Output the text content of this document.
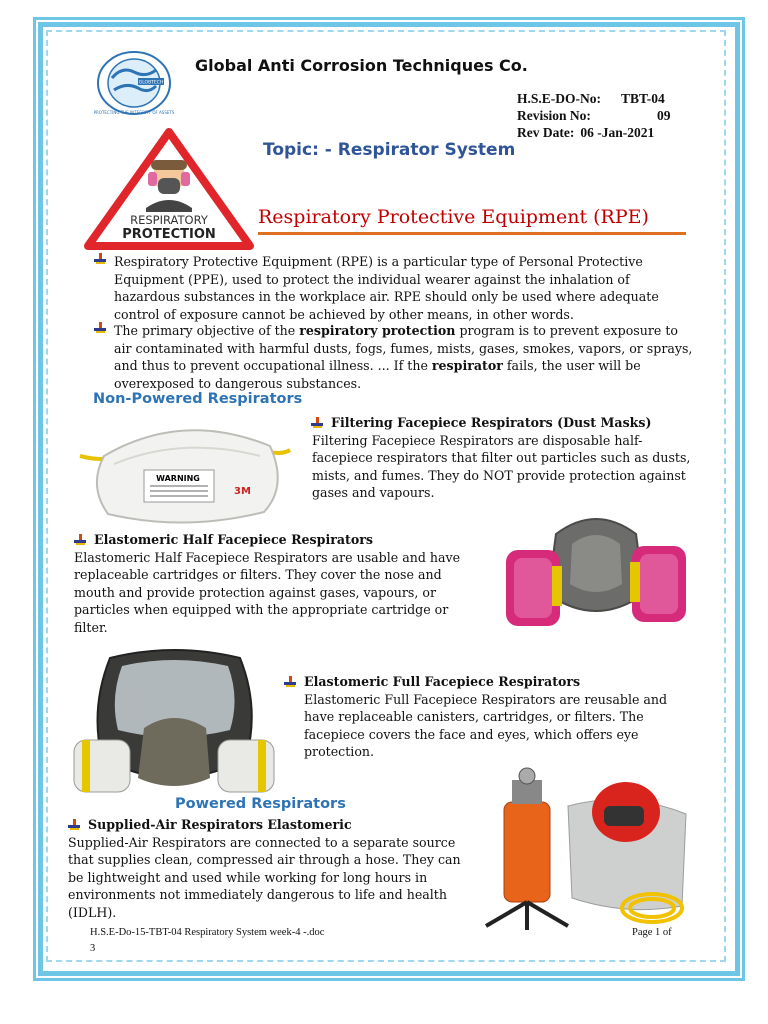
GLOBTECH
PROTECTING THE INTEGRITY OF ASSETS
Global Anti Corrosion Techniques Co.
H.S.E-DO-No:	TBT-04
Revision No:	09
Rev Date: 06 -Jan-2021
Topic: - Respirator System
RESPIRATORY
PROTECTION
Respiratory Protective Equipment (RPE)
Respiratory Protective Equipment (RPE) is a particular type of Personal Protective Equipment (PPE), used to protect the individual wearer against the inhalation of hazardous substances in the workplace air. RPE should only be used where adequate control of exposure cannot be achieved by other means, in other words.
The primary objective of the respiratory protection program is to prevent exposure to air contaminated with harmful dusts, fogs, fumes, mists, gases, smokes, vapors, or sprays, and thus to prevent occupational illness. ... If the respirator fails, the user will be overexposed to dangerous substances.
Non-Powered Respirators
WARNING
3M
Filtering Facepiece Respirators (Dust Masks)
Filtering Facepiece Respirators are disposable half-facepiece respirators that filter out particles such as dusts, mists, and fumes. They do NOT provide protection against gases and vapours.
Elastomeric Half Facepiece Respirators
Elastomeric Half Facepiece Respirators are usable and have replaceable cartridges or filters. They cover the nose and mouth and provide protection against gases, vapours, or particles when equipped with the appropriate cartridge or filter.
Elastomeric Full Facepiece Respirators
Elastomeric Full Facepiece Respirators are reusable and have replaceable canisters, cartridges, or filters. The facepiece covers the face and eyes, which offers eye protection.
Powered Respirators
Supplied-Air Respirators Elastomeric
Supplied-Air Respirators are connected to a separate source that supplies clean, compressed air through a hose. They can be lightweight and used while working for long hours in environments not immediately dangerous to life and health (IDLH).
H.S.E-Do-15-TBT-04 Respiratory System week-4 -.doc
3
Page 1 of
